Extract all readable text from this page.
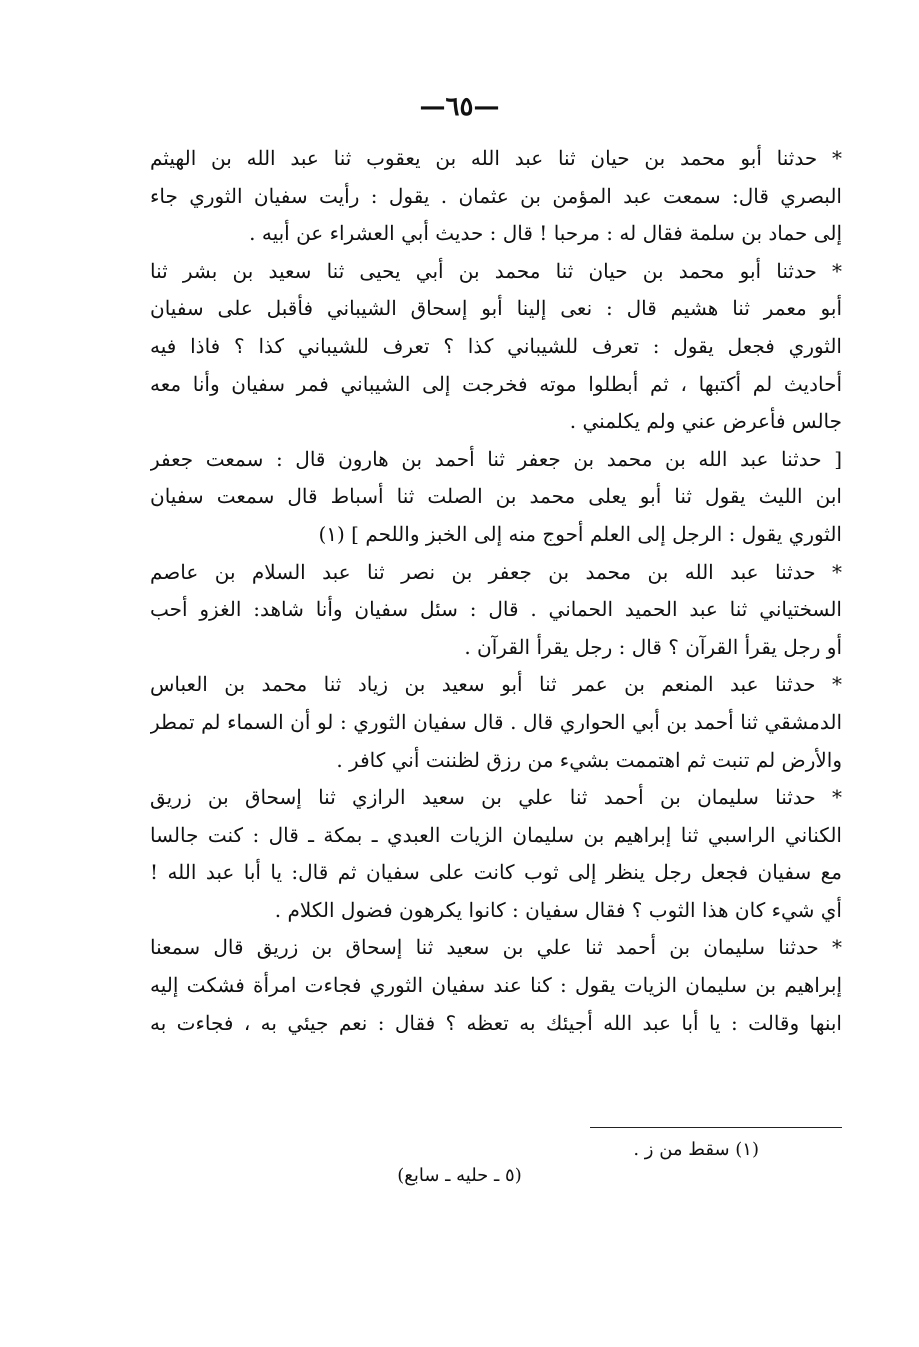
—٦٥—
* حدثنا أبو محمد بن حيان ثنا عبد الله بن يعقوب ثنا عبد الله بن الهيثم
البصري قال: سمعت عبد المؤمن بن عثمان . يقول : رأيت سفيان الثوري جاء
إلى حماد بن سلمة فقال له : مرحبا ! قال : حديث أبي العشراء عن أبيه .
* حدثنا أبو محمد بن حيان ثنا محمد بن أبي يحيى ثنا سعيد بن بشر ثنا
أبو معمر ثنا هشيم قال : نعى إلينا أبو إسحاق الشيباني فأقبل على سفيان
الثوري فجعل يقول : تعرف للشيباني كذا ؟ تعرف للشيباني كذا ؟ فاذا فيه
أحاديث لم أكتبها ، ثم أبطلوا موته فخرجت إلى الشيباني فمر سفيان وأنا معه
جالس فأعرض عني ولم يكلمني .
[ حدثنا عبد الله بن محمد بن جعفر ثنا أحمد بن هارون قال : سمعت جعفر
ابن الليث يقول ثنا أبو يعلى محمد بن الصلت ثنا أسباط قال سمعت سفيان
الثوري يقول : الرجل إلى العلم أحوج منه إلى الخبز واللحم ] (١)
* حدثنا عبد الله بن محمد بن جعفر بن نصر ثنا عبد السلام بن عاصم
السختياني ثنا عبد الحميد الحماني . قال : سئل سفيان وأنا شاهد: الغزو أحب
أو رجل يقرأ القرآن ؟ قال : رجل يقرأ القرآن .
* حدثنا عبد المنعم بن عمر ثنا أبو سعيد بن زياد ثنا محمد بن العباس
الدمشقي ثنا أحمد بن أبي الحواري قال . قال سفيان الثوري : لو أن السماء لم تمطر
والأرض لم تنبت ثم اهتممت بشيء من رزق لظننت أني كافر .
* حدثنا سليمان بن أحمد ثنا علي بن سعيد الرازي ثنا إسحاق بن زريق
الكناني الراسبي ثنا إبراهيم بن سليمان الزيات العبدي ـ بمكة ـ قال : كنت جالسا
مع سفيان فجعل رجل ينظر إلى ثوب كانت على سفيان ثم قال: يا أبا عبد الله !
أي شيء كان هذا الثوب ؟ فقال سفيان : كانوا يكرهون فضول الكلام .
* حدثنا سليمان بن أحمد ثنا علي بن سعيد ثنا إسحاق بن زريق قال سمعنا
إبراهيم بن سليمان الزيات يقول : كنا عند سفيان الثوري فجاءت امرأة فشكت إليه
ابنها وقالت : يا أبا عبد الله أجيئك به تعظه ؟ فقال : نعم جيئي به ، فجاءت به
(١) سقط من ز .
(٥ ـ حليه ـ سابع)
